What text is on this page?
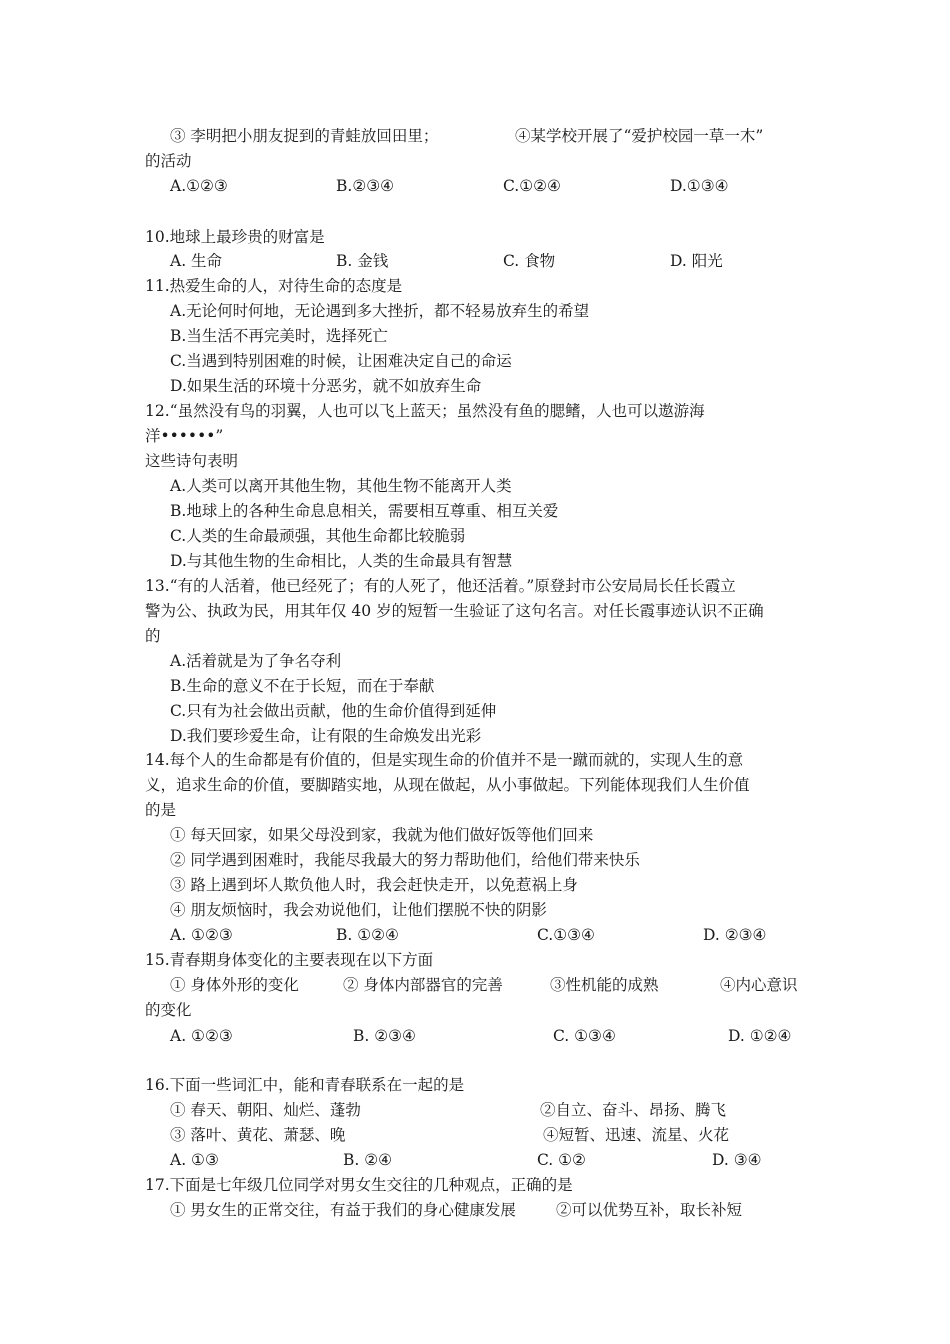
③ 李明把小朋友捉到的青蛙放回田里；	④某学校开展了“爱护校园一草一木”
的活动
A.①②③	B.②③④	C.①②④	D.①③④
10.地球上最珍贵的财富是
A. 生命	B. 金钱	C. 食物	D. 阳光
11.热爱生命的人，对待生命的态度是
A.无论何时何地，无论遇到多大挫折，都不轻易放弃生的希望
B.当生活不再完美时，选择死亡
C.当遇到特别困难的时候，让困难决定自己的命运
D.如果生活的环境十分恶劣，就不如放弃生命
12.“虽然没有鸟的羽翼，人也可以飞上蓝天；虽然没有鱼的腮鳍，人也可以遨游海
洋••••••”
这些诗句表明
A.人类可以离开其他生物，其他生物不能离开人类
B.地球上的各种生命息息相关，需要相互尊重、相互关爱
C.人类的生命最顽强，其他生命都比较脆弱
D.与其他生物的生命相比，人类的生命最具有智慧
13.“有的人活着，他已经死了；有的人死了，他还活着。”原登封市公安局局长任长霞立
警为公、执政为民，用其年仅 40 岁的短暂一生验证了这句名言。对任长霞事迹认识不正确
的
A.活着就是为了争名夺利
B.生命的意义不在于长短，而在于奉献
C.只有为社会做出贡献，他的生命价值得到延伸
D.我们要珍爱生命，让有限的生命焕发出光彩
14.每个人的生命都是有价值的，但是实现生命的价值并不是一蹴而就的，实现人生的意
义，追求生命的价值，要脚踏实地，从现在做起，从小事做起。下列能体现我们人生价值
的是
① 每天回家，如果父母没到家，我就为他们做好饭等他们回来
② 同学遇到困难时，我能尽我最大的努力帮助他们，给他们带来快乐
③ 路上遇到坏人欺负他人时，我会赶快走开，以免惹祸上身
④ 朋友烦恼时，我会劝说他们，让他们摆脱不快的阴影
A. ①②③	B. ①②④	C.①③④	D. ②③④
15.青春期身体变化的主要表现在以下方面
① 身体外形的变化	② 身体内部器官的完善	③性机能的成熟	④内心意识
的变化
A. ①②③	B. ②③④	C. ①③④	D. ①②④
16.下面一些词汇中，能和青春联系在一起的是
① 春天、朝阳、灿烂、蓬勃	②自立、奋斗、昂扬、腾飞
③ 落叶、黄花、萧瑟、晚	④短暂、迅速、流星、火花
A. ①③	B. ②④	C. ①②	D. ③④
17.下面是七年级几位同学对男女生交往的几种观点，正确的是
① 男女生的正常交往，有益于我们的身心健康发展	②可以优势互补，取长补短
